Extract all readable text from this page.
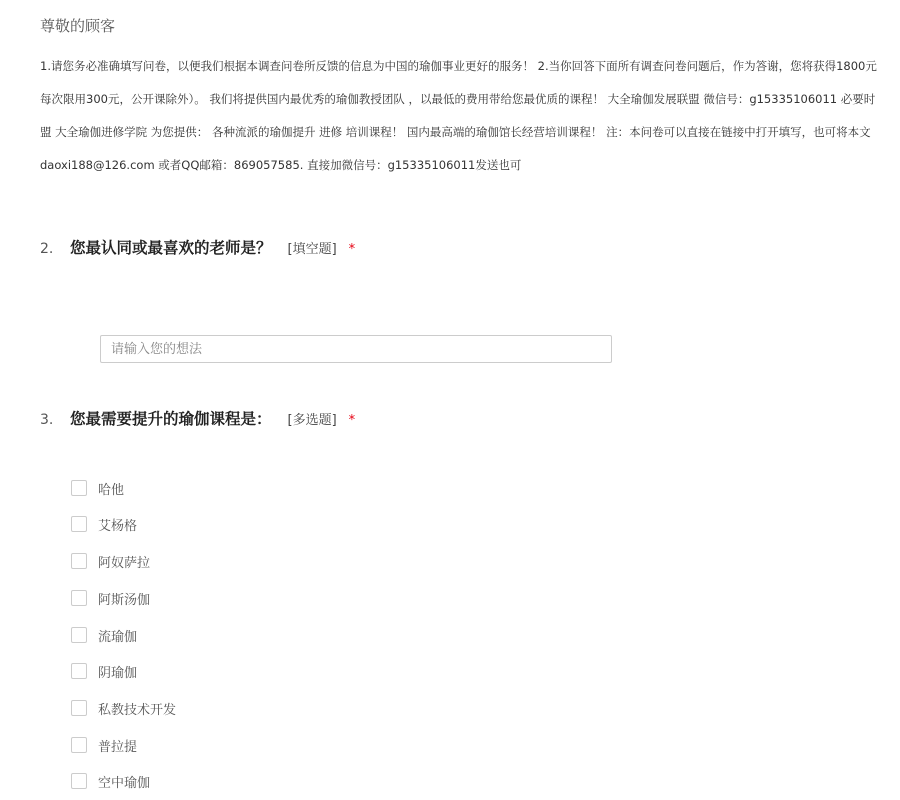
尊敬的顾客
1.请您务必准确填写问卷，以便我们根据本调查问卷所反馈的信息为中国的瑜伽事业更好的服务！ 2.当你回答下面所有调查问卷问题后，作为答谢，您将获得1800元
每次限用300元，公开课除外）。 我们将提供国内最优秀的瑜伽教授团队 ，以最低的费用带给您最优质的课程！ 大全瑜伽发展联盟 微信号：g15335106011 必要时
盟 大全瑜伽进修学院 为您提供： 各种流派的瑜伽提升 进修 培训课程！ 国内最高端的瑜伽馆长经营培训课程！ 注：本问卷可以直接在链接中打开填写，也可将本文
daoxi188@126.com 或者QQ邮箱：869057585. 直接加微信号：g15335106011发送也可
2.	您最认同或最喜欢的老师是？ [填空题] *
请输入您的想法
3.	您最需要提升的瑜伽课程是： [多选题] *
哈他
艾杨格
阿奴萨拉
阿斯汤伽
流瑜伽
阴瑜伽
私教技术开发
普拉提
空中瑜伽
